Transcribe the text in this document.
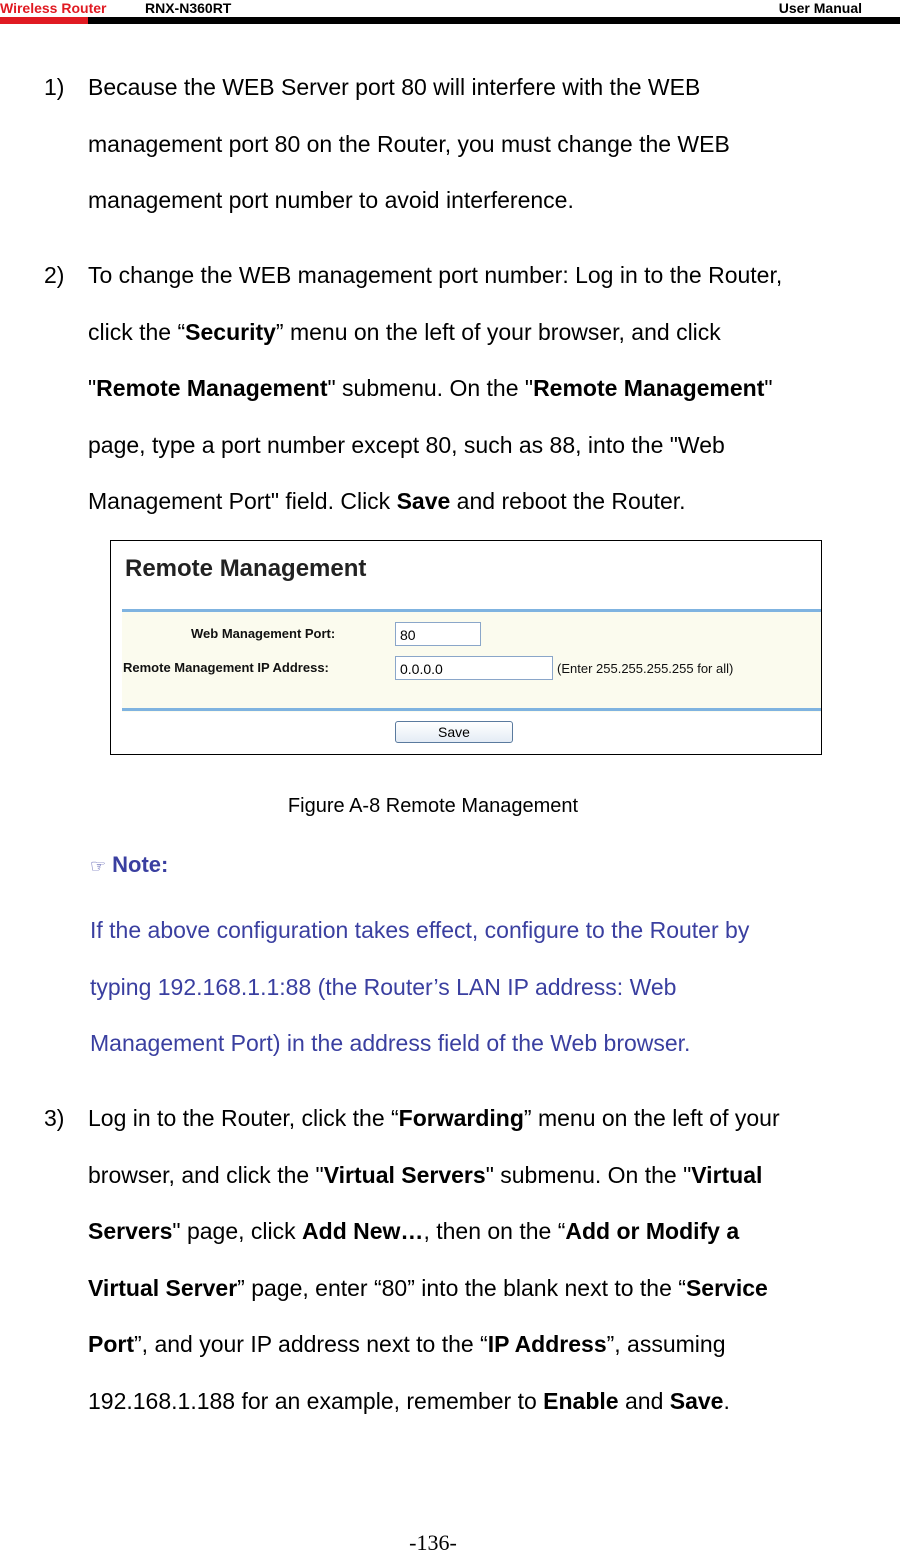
Wireless Router	RNX-N360RT	User Manual
1) Because the WEB Server port 80 will interfere with the WEB
management port 80 on the Router, you must change the WEB
management port number to avoid interference.
2) To change the WEB management port number: Log in to the Router,
click the “Security” menu on the left of your browser, and click
"Remote Management" submenu. On the "Remote Management"
page, type a port number except 80, such as 88, into the "Web
Management Port" field. Click Save and reboot the Router.
Remote Management
Web Management Port:	80
Remote Management IP Address:	0.0.0.0	(Enter 255.255.255.255 for all)
Save
Figure A-8 Remote Management
☞ Note:
If the above configuration takes effect, configure to the Router by
typing 192.168.1.1:88 (the Router’s LAN IP address: Web
Management Port) in the address field of the Web browser.
3) Log in to the Router, click the “Forwarding” menu on the left of your
browser, and click the "Virtual Servers" submenu. On the "Virtual
Servers" page, click Add New…, then on the “Add or Modify a
Virtual Server” page, enter “80” into the blank next to the “Service
Port”, and your IP address next to the “IP Address”, assuming
192.168.1.188 for an example, remember to Enable and Save.
-136-
